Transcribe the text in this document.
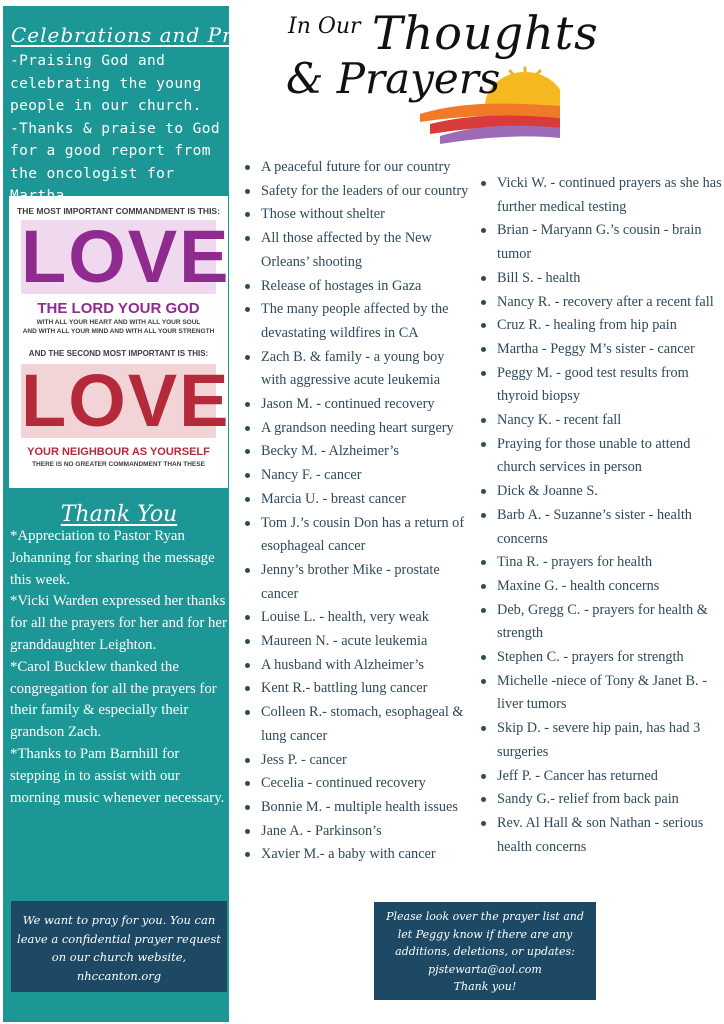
Celebrations and Praise
-Praising God and celebrating the young people in our church.
-Thanks & praise to God for a good report from the oncologist for
THE MOST IMPORTANT COMMANDMENT IS THIS:
LOVE
THE LORD YOUR GOD
WITH ALL YOUR HEART AND WITH ALL YOUR SOUL
AND WITH ALL YOUR MIND AND WITH ALL YOUR STRENGTH
AND THE SECOND MOST IMPORTANT IS THIS:
LOVE
YOUR NEIGHBOUR AS YOURSELF
THERE IS NO GREATER COMMANDMENT THAN THESE
Thank You
*Appreciation to Pastor Ryan Johanning for sharing the message this week.
*Vicki Warden expressed her thanks for all the prayers for her and for her granddaughter Leighton.
*Carol Bucklew thanked the congregation for all the prayers for their family & especially their grandson Zach.
*Thanks to Pam Barnhill for stepping in to assist with our morning music whenever necessary.
We want to pray for you. You can
leave a confidential prayer request
on our church website,
nhccanton.org
In Our Thoughts
& Prayers
A peaceful future for our country
Safety for the leaders of our country
Those without shelter
All those affected by the New Orleans’ shooting
Release of hostages in Gaza
The many people affected by the devastating wildfires in CA
Zach B. & family - a young boy with aggressive acute leukemia
Jason M. - continued recovery
A grandson needing heart surgery
Becky M. - Alzheimer’s
Nancy F. - cancer
Marcia U. - breast cancer
Tom J.’s cousin Don has a return of esophageal cancer
Jenny’s brother Mike - prostate cancer
Louise L. - health, very weak
Maureen N. - acute leukemia
A husband with Alzheimer’s
Kent R.- battling lung cancer
Colleen R.- stomach, esophageal & lung cancer
Jess P. - cancer
Cecelia - continued recovery
Bonnie M. - multiple health issues
Jane A. - Parkinson’s
Xavier M.- a baby with cancer
Vicki W. - continued prayers as she has further medical testing
Brian - Maryann G.’s cousin - brain tumor
Bill S. - health
Nancy R. - recovery after a recent fall
Cruz R. - healing from hip pain
Martha - Peggy M’s sister - cancer
Peggy M. - good test results from thyroid biopsy
Nancy K. - recent fall
Praying for those unable to attend church services in person
Dick & Joanne S.
Barb A. - Suzanne’s sister - health concerns
Tina R. - prayers for health
Maxine G. - health concerns
Deb, Gregg C. - prayers for health & strength
Stephen C. - prayers for strength
Michelle -niece of Tony & Janet B. - liver tumors
Skip D. - severe hip pain, has had 3 surgeries
Jeff P. - Cancer has returned
Sandy G.- relief from back pain
Rev. Al Hall & son Nathan - serious health concerns
Please look over the prayer list and
let Peggy know if there are any
additions, deletions, or updates:
pjstewarta@aol.com
Thank you!
